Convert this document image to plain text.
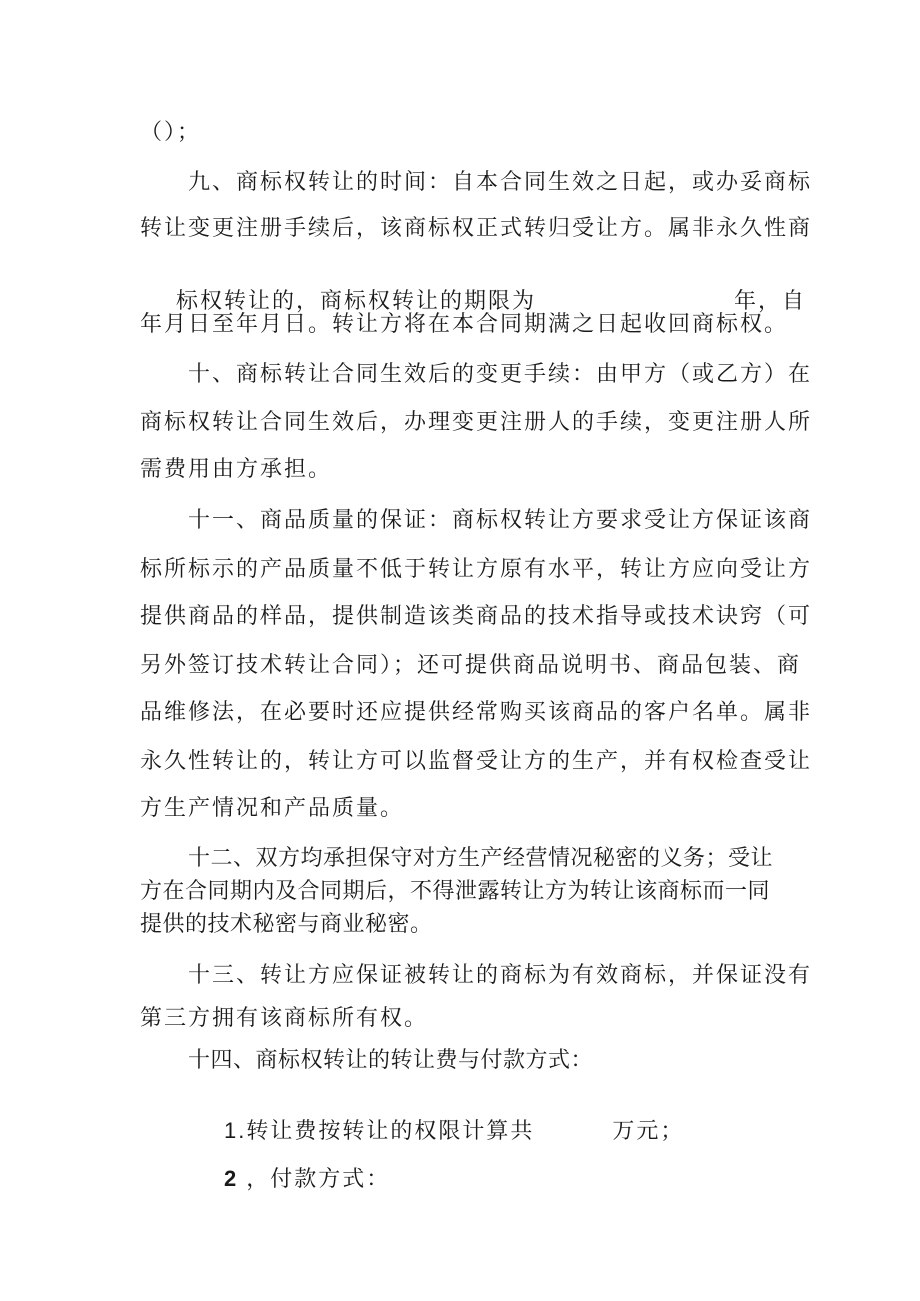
（）；
九、商标权转让的时间：自本合同生效之日起，或办妥商标
转让变更注册手续后，该商标权正式转归受让方。属非永久性商

标权转让的，商标权转让的期限为	年，自

年月日至年月日。转让方将在本合同期满之日起收回商标权。
十、商标转让合同生效后的变更手续：由甲方（或乙方）在
商标权转让合同生效后，办理变更注册人的手续，变更注册人所
需费用由方承担。
十一、商品质量的保证：商标权转让方要求受让方保证该商
标所标示的产品质量不低于转让方原有水平，转让方应向受让方
提供商品的样品，提供制造该类商品的技术指导或技术诀窍（可
另外签订技术转让合同）；还可提供商品说明书、商品包装、商
品维修法，在必要时还应提供经常购买该商品的客户名单。属非
永久性转让的，转让方可以监督受让方的生产，并有权检查受让
方生产情况和产品质量。
十二、双方均承担保守对方生产经营情况秘密的义务；受让
方在合同期内及合同期后，不得泄露转让方为转让该商标而一同
提供的技术秘密与商业秘密。
十三、转让方应保证被转让的商标为有效商标，并保证没有
第三方拥有该商标所有权。
十四、商标权转让的转让费与付款方式：

1.转让费按转让的权限计算共	万元；

2 ，付款方式：
